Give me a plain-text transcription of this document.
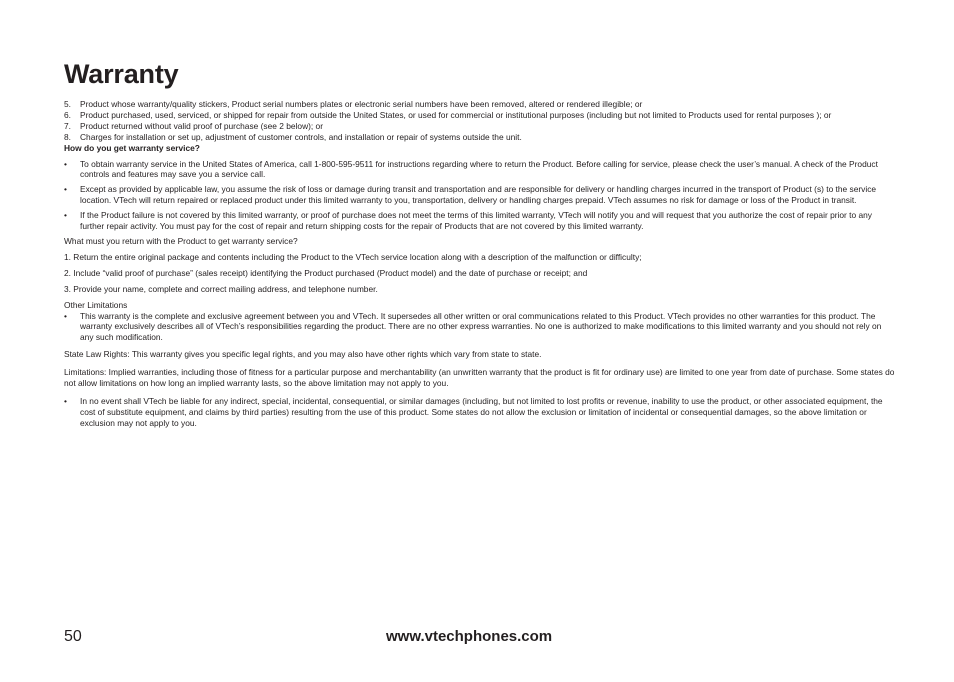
Warranty
5. Product whose warranty/quality stickers, Product serial numbers plates or electronic serial numbers have been removed, altered or rendered illegible; or
6. Product purchased, used, serviced, or shipped for repair from outside the United States, or used for commercial or institutional purposes (including but not limited to Products used for rental purposes ); or
7. Product returned without valid proof of purchase (see 2 below); or
8. Charges for installation or set up, adjustment of customer controls, and installation or repair of systems outside the unit.

How do you get warranty service?

• To obtain warranty service in the United States of America, call 1-800-595-9511 for instructions regarding where to return the Product. Before calling for service, please check the user’s manual. A check of the Product controls and features may save you a service call.
• Except as provided by applicable law, you assume the risk of loss or damage during transit and transportation and are responsible for delivery or handling charges incurred in the transport of Product (s) to the service location. VTech will return repaired or replaced product under this limited warranty to you, transportation, delivery or handling charges prepaid. VTech assumes no risk for damage or loss of the Product in transit.
• If the Product failure is not covered by this limited warranty, or proof of purchase does not meet the terms of this limited warranty, VTech will notify you and will request that you authorize the cost of repair prior to any further repair activity. You must pay for the cost of repair and return shipping costs for the repair of Products that are not covered by this limited warranty.

What must you return with the Product to get warranty service?

1. Return the entire original package and contents including the Product to the VTech service location along with a description of the malfunction or difficulty;

2. Include “valid proof of purchase” (sales receipt) identifying the Product purchased (Product model) and the date of purchase or receipt; and

3. Provide your name, complete and correct mailing address, and telephone number.

Other Limitations

• This warranty is the complete and exclusive agreement between you and VTech. It supersedes all other written or oral communications related to this Product. VTech provides no other warranties for this product. The warranty exclusively describes all of VTech’s responsibilities regarding the product. There are no other express warranties. No one is authorized to make modifications to this limited warranty and you should not rely on any such modification.

State Law Rights: This warranty gives you specific legal rights, and you may also have other rights which vary from state to state.

Limitations: Implied warranties, including those of fitness for a particular purpose and merchantability (an unwritten warranty that the product is fit for ordinary use) are limited to one year from date of purchase. Some states do not allow limitations on how long an implied warranty lasts, so the above limitation may not apply to you.

• In no event shall VTech be liable for any indirect, special, incidental, consequential, or similar damages (including, but not limited to lost profits or revenue, inability to use the product, or other associated equipment, the cost of substitute equipment, and claims by third parties) resulting from the use of this product. Some states do not allow the exclusion or limitation of incidental or consequential damages, so the above limitation or exclusion may not apply to you.
50	www.vtechphones.com
